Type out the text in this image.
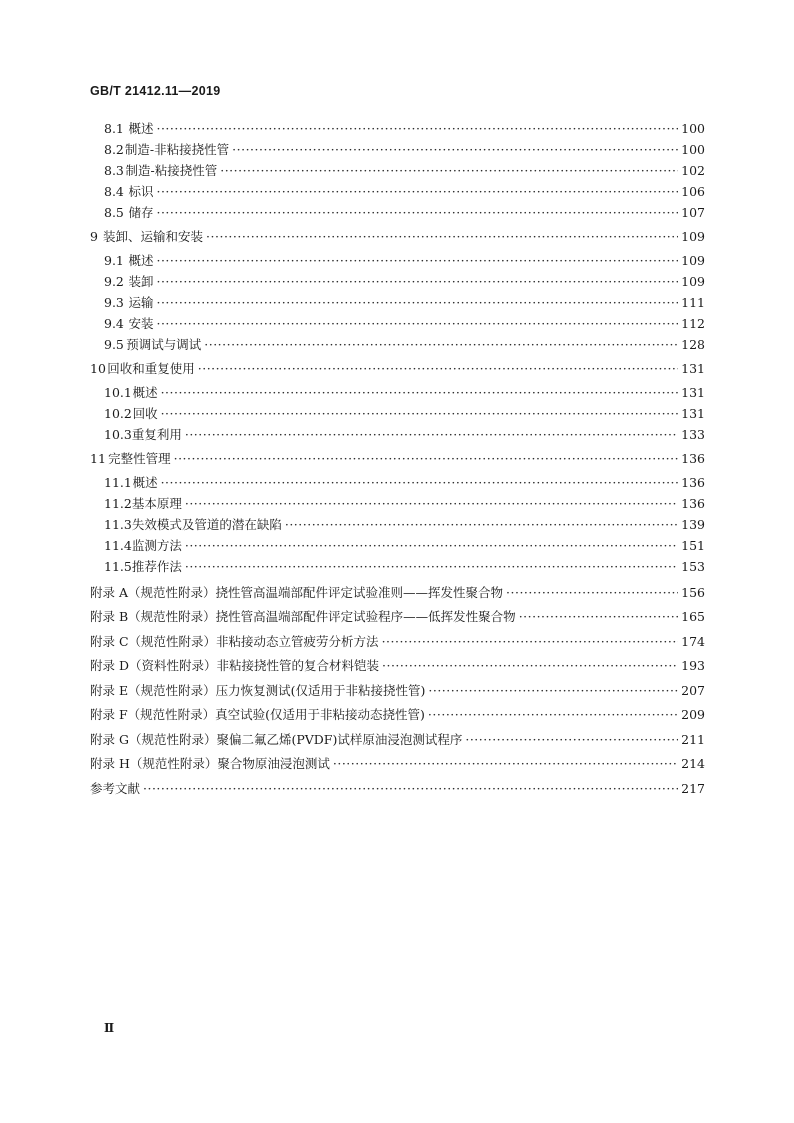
GB/T 21412.11—2019
8.1 概述 ·····	100
8.2 制造-非粘接挠性管 ·····	100
8.3 制造-粘接挠性管 ·····	102
8.4 标识 ·····	106
8.5 储存 ·····	107
9 装卸、运输和安装 ·····	109
9.1 概述 ·····	109
9.2 装卸 ·····	109
9.3 运输 ·····	111
9.4 安装 ·····	112
9.5 预调试与调试 ·····	128
10 回收和重复使用 ·····	131
10.1 概述 ·····	131
10.2 回收 ·····	131
10.3 重复利用 ·····	133
11 完整性管理 ·····	136
11.1 概述 ·····	136
11.2 基本原理 ·····	136
11.3 失效模式及管道的潜在缺陷 ·····	139
11.4 监测方法 ·····	151
11.5 推荐作法 ·····	153
附录 A（规范性附录） 挠性管高温端部配件评定试验准则——挥发性聚合物 ·····	156
附录 B（规范性附录） 挠性管高温端部配件评定试验程序——低挥发性聚合物 ·····	165
附录 C（规范性附录） 非粘接动态立管疲劳分析方法 ·····	174
附录 D（资料性附录） 非粘接挠性管的复合材料铠装 ·····	193
附录 E（规范性附录） 压力恢复测试(仅适用于非粘接挠性管) ·····	207
附录 F（规范性附录） 真空试验(仅适用于非粘接动态挠性管) ·····	209
附录 G（规范性附录） 聚偏二氟乙烯(PVDF)试样原油浸泡测试程序 ·····	211
附录 H（规范性附录） 聚合物原油浸泡测试 ·····	214
参考文献 ·····	217
Ⅱ
